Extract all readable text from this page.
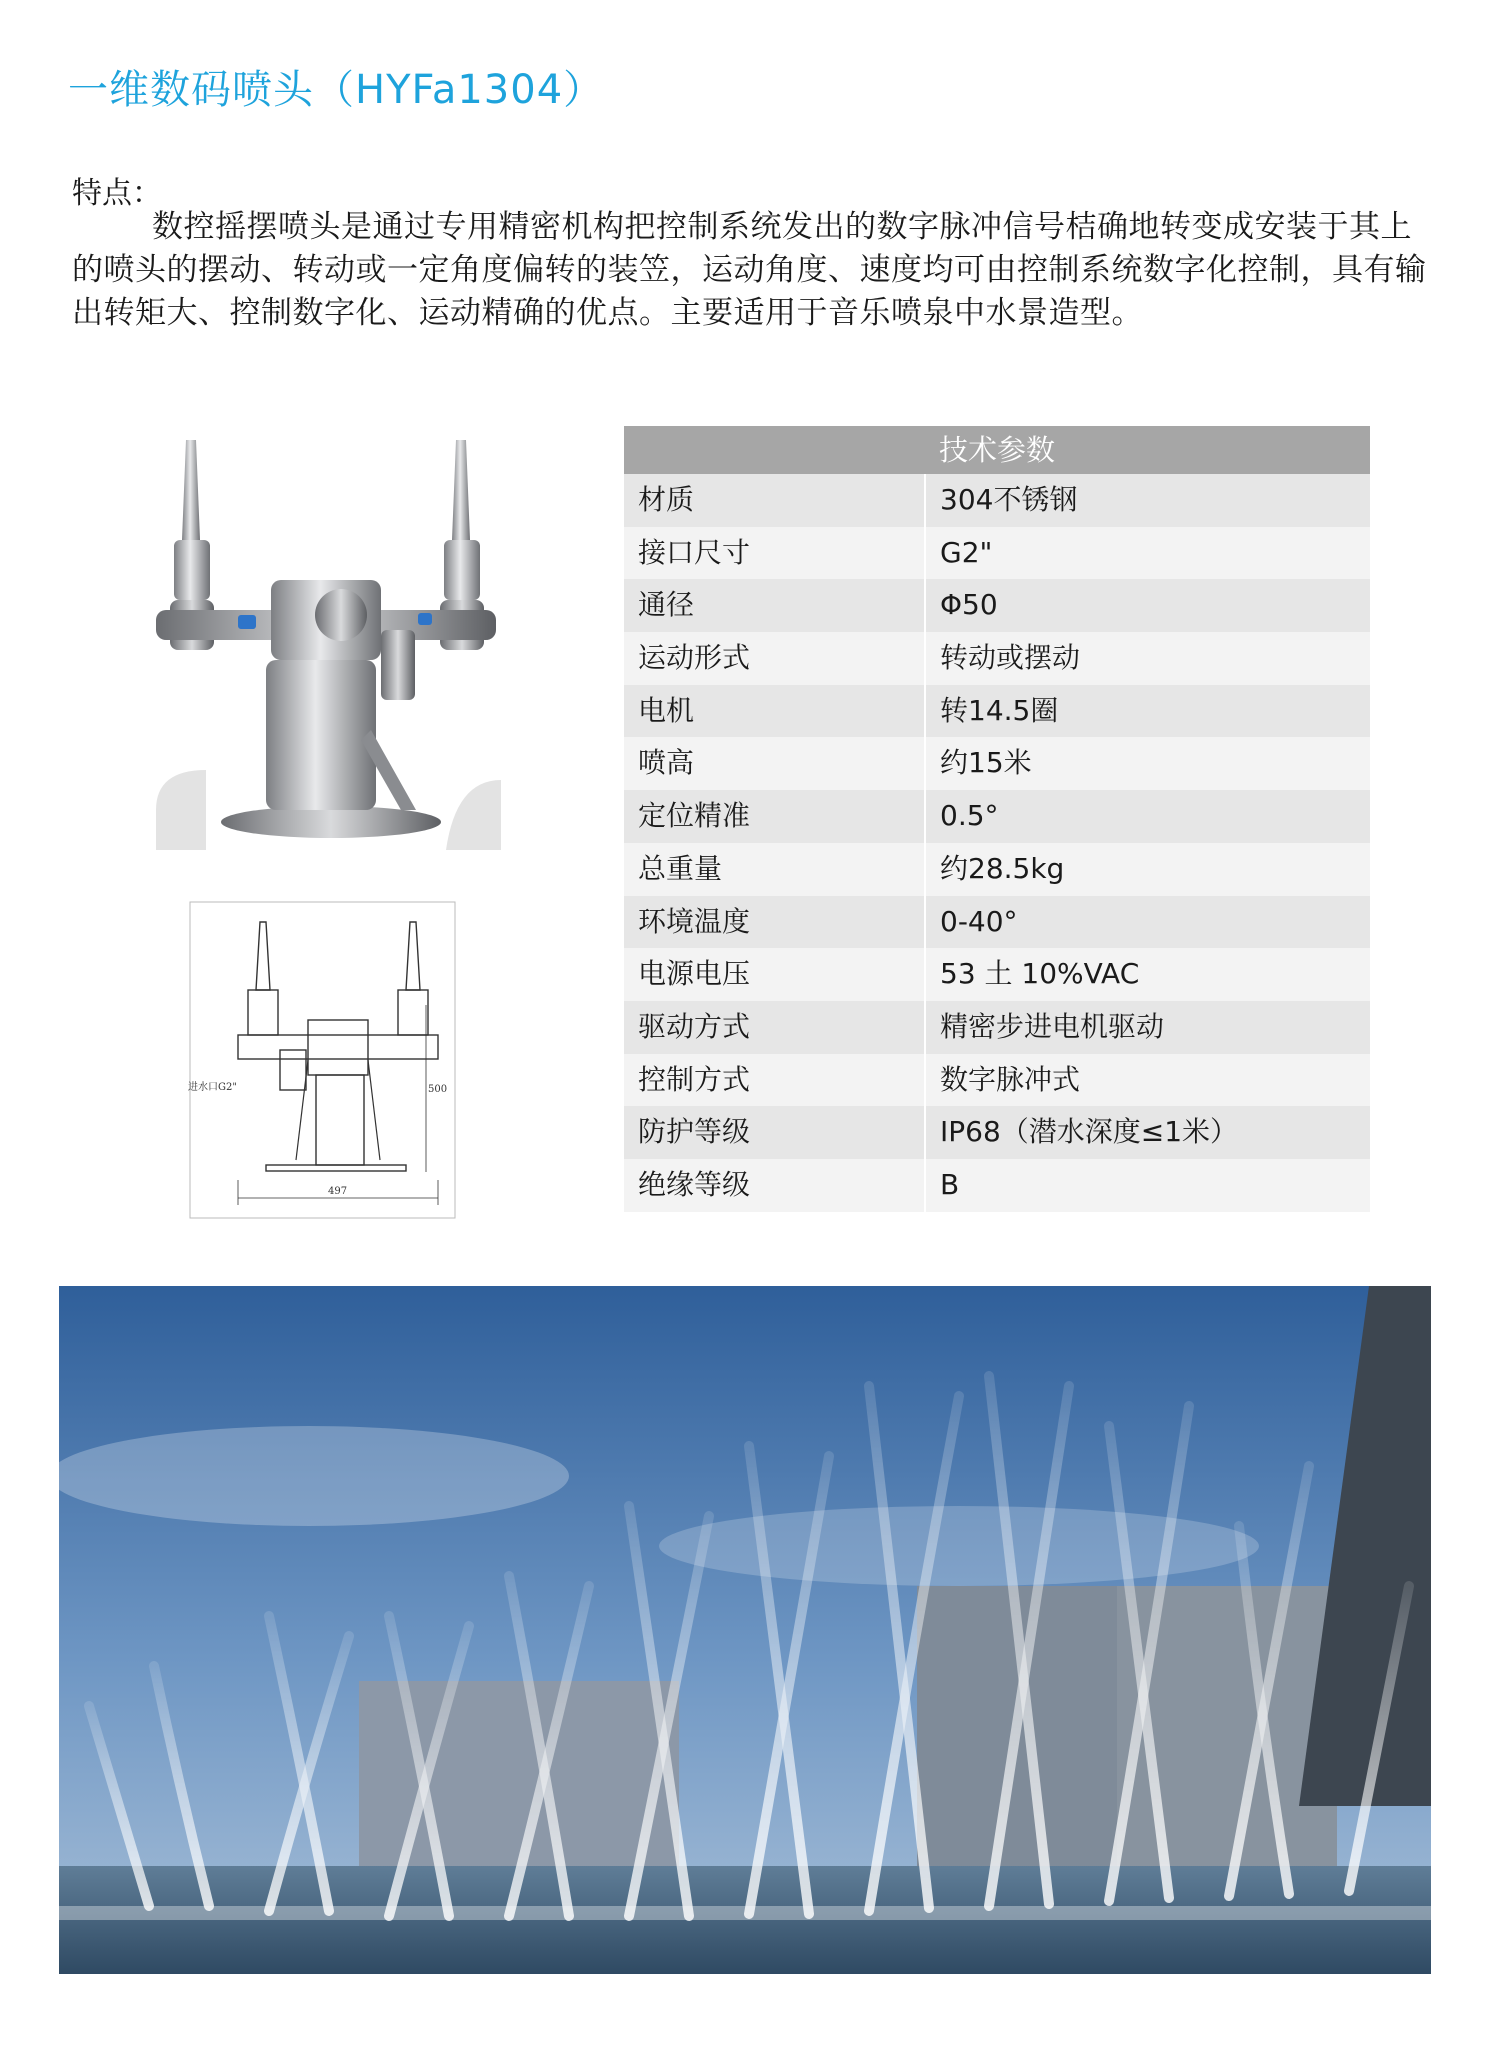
一维数码喷头（HYFa1304）
特点：
数控摇摆喷头是通过专用精密机构把控制系统发出的数字脉冲信号桔确地转变成安装于其上的喷头的摆动、转动或一定角度偏转的装笠，运动角度、速度均可由控制系统数字化控制，具有输出转矩大、控制数字化、运动精确的优点。主要适用于音乐喷泉中水景造型。
进水口G2"	500
497
技术参数
材质	304不锈钢
接口尺寸	G2"
通径	Φ50
运动形式	转动或摆动
电机	转14.5圈
喷高	约15米
定位精准	0.5°
总重量	约28.5kg
环境温度	0-40°
电源电压	53 土 10%VAC
驱动方式	精密步进电机驱动
控制方式	数字脉冲式
防护等级	IP68（潜水深度≤1米）
绝缘等级	B
